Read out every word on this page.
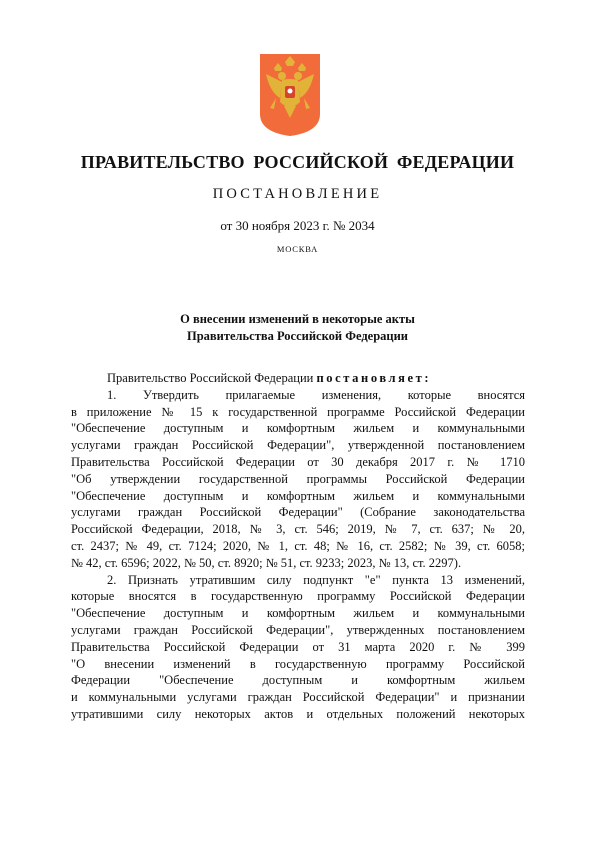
ПРАВИТЕЛЬСТВО РОССИЙСКОЙ ФЕДЕРАЦИИ
ПОСТАНОВЛЕНИЕ
от 30 ноября 2023 г. № 2034
МОСКВА
О внесении изменений в некоторые акты
Правительства Российской Федерации

Правительство Российской Федерации постановляет:

1. Утвердить прилагаемые изменения, которые вносятся

в приложение № 15 к государственной программе Российской Федерации

"Обеспечение доступным и комфортным жильем и коммунальными

услугами граждан Российской Федерации", утвержденной постановлением

Правительства Российской Федерации от 30 декабря 2017 г. № 1710

"Об утверждении государственной программы Российской Федерации

"Обеспечение доступным и комфортным жильем и коммунальными

услугами граждан Российской Федерации" (Собрание законодательства

Российской Федерации, 2018, № 3, ст. 546; 2019, № 7, ст. 637; № 20,

ст. 2437; № 49, ст. 7124; 2020, № 1, ст. 48; № 16, ст. 2582; № 39, ст. 6058;

№ 42, ст. 6596; 2022, № 50, ст. 8920; № 51, ст. 9233; 2023, № 13, ст. 2297).

2. Признать утратившим силу подпункт "е" пункта 13 изменений,

которые вносятся в государственную программу Российской Федерации

"Обеспечение доступным и комфортным жильем и коммунальными

услугами граждан Российской Федерации", утвержденных постановлением

Правительства Российской Федерации от 31 марта 2020 г. № 399

"О внесении изменений в государственную программу Российской

Федерации "Обеспечение доступным и комфортным жильем

и коммунальными услугами граждан Российской Федерации" и признании

утратившими силу некоторых актов и отдельных положений некоторых
